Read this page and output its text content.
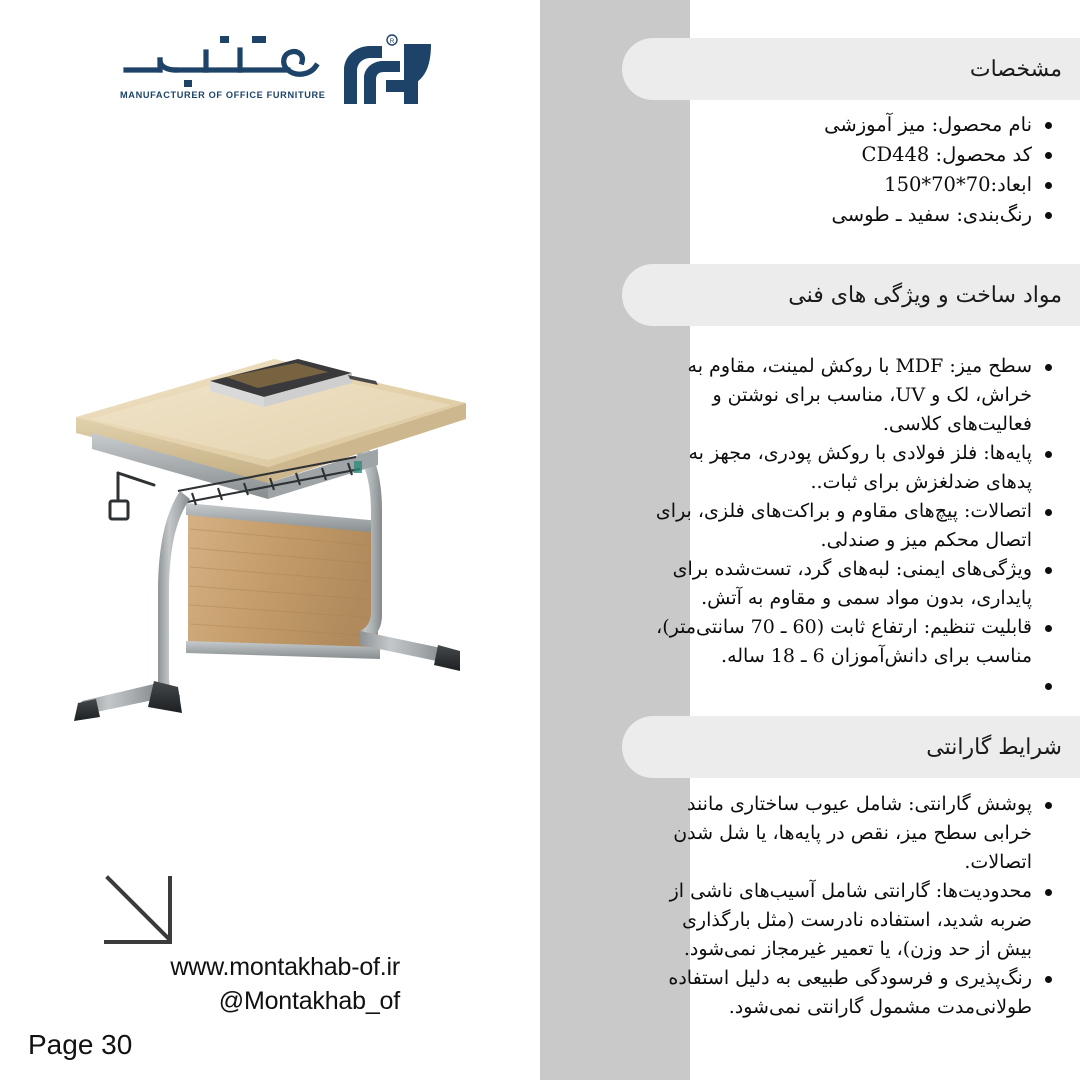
MANUFACTURER OF OFFICE FURNITURE
R
www.montakhab-of.ir
@Montakhab_of
Page 30
مشخصات
نام محصول: میز آموزشی
کد محصول: CD448
ابعاد:70*70*150
رنگ‌بندی: سفید ـ طوسی
مواد ساخت و ویژگی های فنی
سطح میز: MDF با روکش لمینت، مقاوم به خراش، لک و UV، مناسب برای نوشتن و فعالیت‌های کلاسی.
پایه‌ها: فلز فولادی با روکش پودری، مجهز به پدهای ضدلغزش برای ثبات..
اتصالات: پیچ‌های مقاوم و براکت‌های فلزی، برای اتصال محکم میز و صندلی.
ویژگی‌های ایمنی: لبه‌های گرد، تست‌شده برای پایداری، بدون مواد سمی و مقاوم به آتش.
قابلیت تنظیم: ارتفاع ثابت (60 ـ 70 سانتی‌متر)، مناسب برای دانش‌آموزان 6 ـ 18 ساله.
شرایط گارانتی
پوشش گارانتی: شامل عیوب ساختاری مانند خرابی سطح میز، نقص در پایه‌ها، یا شل شدن اتصالات.
محدودیت‌ها: گارانتی شامل آسیب‌های ناشی از ضربه شدید، استفاده نادرست (مثل بارگذاری بیش از حد وزن)، یا تعمیر غیرمجاز نمی‌شود.
رنگ‌پذیری و فرسودگی طبیعی به دلیل استفاده طولانی‌مدت مشمول گارانتی نمی‌شود.
